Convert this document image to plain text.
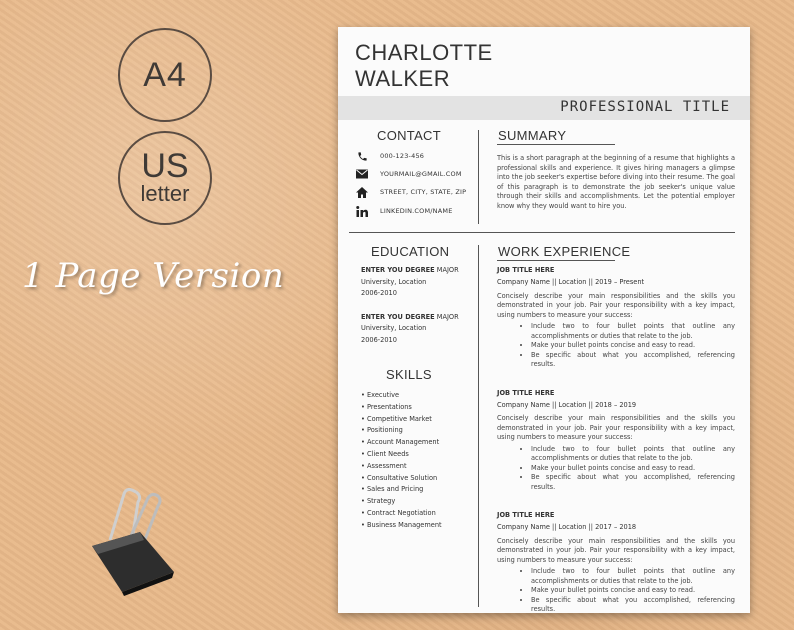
A4
US
letter
1 Page Version
CHARLOTTE
WALKER
PROFESSIONAL TITLE
CONTACT
000-123-456
YOURMAIL@GMAIL.COM
STREET, CITY, STATE, ZIP
LINKEDIN.COM/NAME
SUMMARY
This is a short paragraph at the beginning of a resume that highlights a professional skills and experience. It gives hiring managers a glimpse into the job seeker's expertise before diving into their resume. The goal of this paragraph is to demonstrate the job seeker's unique value through their skills and accomplishments. Let the potential employer know why they would want to hire you.
EDUCATION
ENTER YOU DEGREE MAJOR
University, Location
2006-2010
ENTER YOU DEGREE MAJOR
University, Location
2006-2010
SKILLS
• Executive
• Presentations
• Competitive Market
• Positioning
• Account Management
• Client Needs
• Assessment
• Consultative Solution
• Sales and Pricing
• Strategy
• Contract Negotiation
• Business Management
WORK EXPERIENCE
JOB TITLE HERE
Company Name || Location || 2019 – Present
Concisely describe your main responsibilities and the skills you demonstrated in your job. Pair your responsibility with a key impact, using numbers to measure your success:
• Include two to four bullet points that outline any accomplishments or duties that relate to the job.
• Make your bullet points concise and easy to read.
• Be specific about what you accomplished, referencing results.
JOB TITLE HERE
Company Name || Location || 2018 – 2019
Concisely describe your main responsibilities and the skills you demonstrated in your job. Pair your responsibility with a key impact, using numbers to measure your success:
• Include two to four bullet points that outline any accomplishments or duties that relate to the job.
• Make your bullet points concise and easy to read.
• Be specific about what you accomplished, referencing results.
JOB TITLE HERE
Company Name || Location || 2017 – 2018
Concisely describe your main responsibilities and the skills you demonstrated in your job. Pair your responsibility with a key impact, using numbers to measure your success:
• Include two to four bullet points that outline any accomplishments or duties that relate to the job.
• Make your bullet points concise and easy to read.
• Be specific about what you accomplished, referencing results.
